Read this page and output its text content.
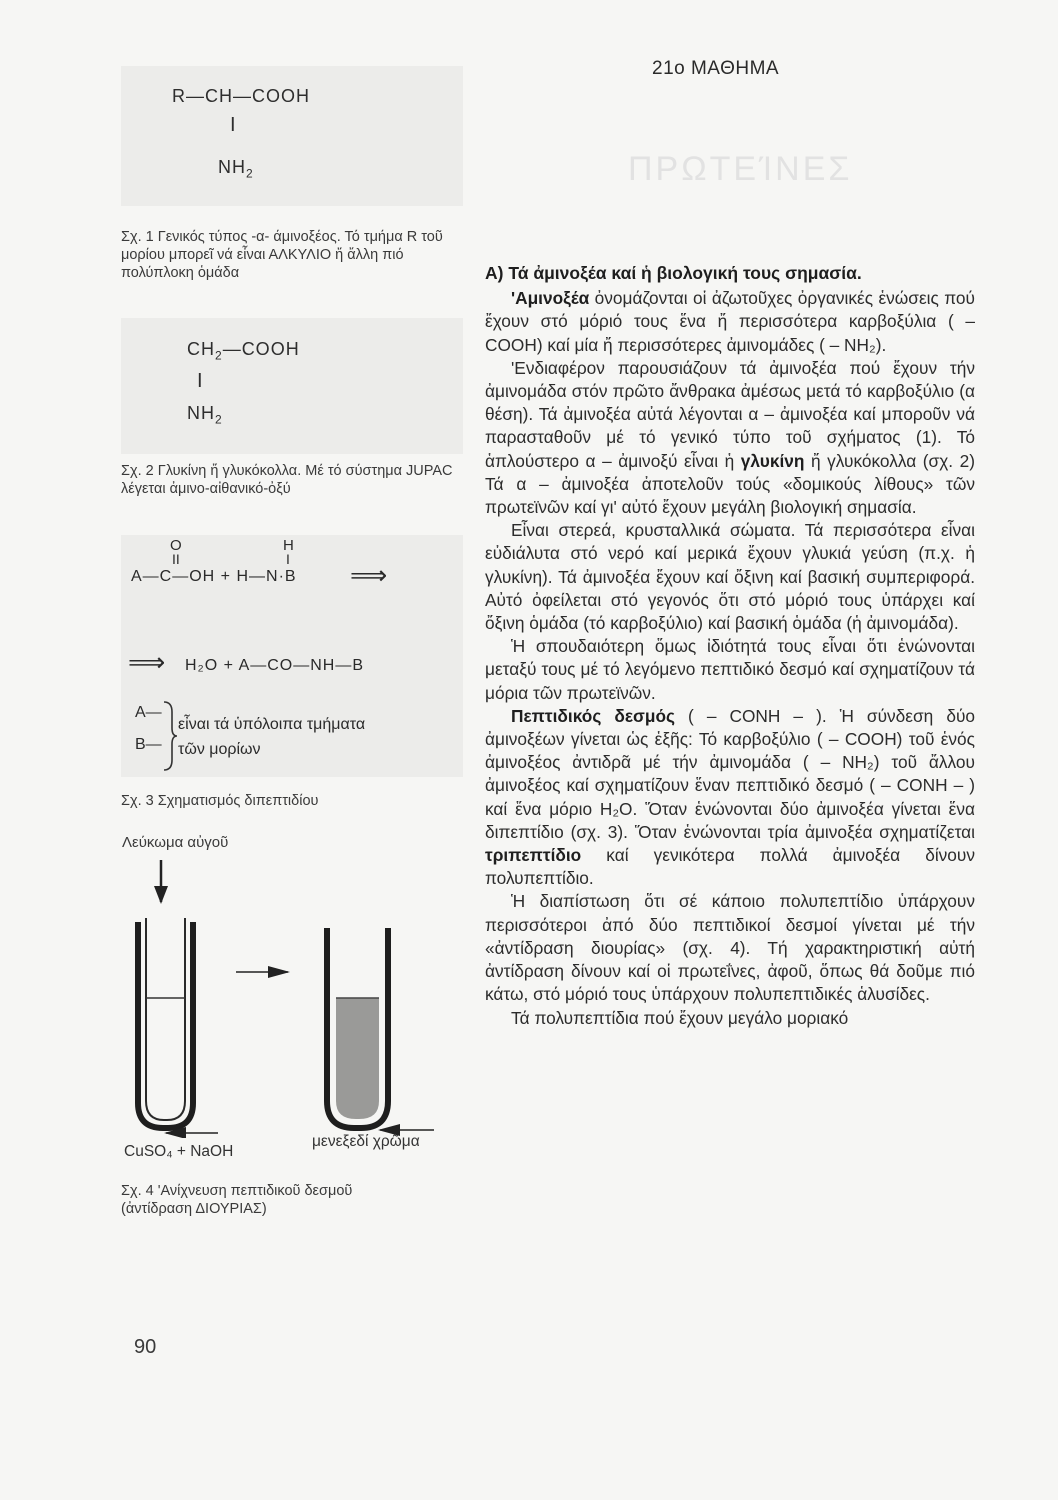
ΠΡΩΤΕΊΝΕΣ
21ο ΜΑΘΗΜΑ
R—CH—COOH
I
$NH_2$
Σχ. 1 Γενικός τύπος -α- άμινοξέος. Τό τμήμα R τοῦ μορίου μπορεῖ νά εἶναι ΑΛΚΥΛΙΟ ἤ ἄλλη πιό πολύπλοκη ὁμάδα
$CH_2—COOH$
I
$NH_2$
Σχ. 2 Γλυκίνη ἤ γλυκόκολλα. Μέ τό σύστημα JUPAC λέγεται ἀμινο-αἰθανικό-ὀξύ
O
II
H
I
A—C—OH + H—N·B ⟹
⟹ H₂O + A—CO—NH—B
A—
B—
εἶναι τά ὑπόλοιπα τμήματα
τῶν μορίων
Σχ. 3 Σχηματισμός διπεπτιδίου
Λεύκωμα αὐγοῦ
CuSO₄ + NaOH
μενεξεδί χρῶμα
Σχ. 4 'Ανίχνευση πεπτιδικοῦ δεσμοῦ
(ἀντίδραση ΔΙΟΥΡΙΑΣ)
90

Α) Τά ἀμινοξέα καί ἡ βιολογική τους σημασία.

'Αμινοξέα ὀνομάζονται οἱ ἀζωτοῦχες ὀργανικές ἑνώσεις πού ἔχουν στό μόριό τους ἕνα ἤ περισσότερα καρβοξύλια ( – COOH) καί μία ἤ περισσότερες ἀμινομάδες ( – NH₂).

'Ενδιαφέρον παρουσιάζουν τά ἀμινοξέα πού ἔχουν τήν ἀμινομάδα στόν πρῶτο ἄνθρακα ἀμέσως μετά τό καρβοξύλιο (α θέση). Τά ἀμινοξέα αὐτά λέγονται α – ἀμινοξέα καί μποροῦν νά παρασταθοῦν μέ τό γενικό τύπο τοῦ σχήματος (1). Τό ἁπλούστερο α – ἀμινοξύ εἶναι ἡ γλυκίνη ἤ γλυκόκολλα (σχ. 2) Τά α – ἀμινοξέα ἀποτελοῦν τούς «δομικούς λίθους» τῶν πρωτεϊνῶν καί γι' αὐτό ἔχουν μεγάλη βιολογική σημασία.

Εἶναι στερεά, κρυσταλλικά σώματα. Τά περισσότερα εἶναι εὐδιάλυτα στό νερό καί μερικά ἔχουν γλυκιά γεύση (π.χ. ἡ γλυκίνη). Τά ἀμινοξέα ἔχουν καί ὄξινη καί βασική συμπεριφορά. Αὐτό ὀφείλεται στό γεγονός ὅτι στό μόριό τους ὑπάρχει καί ὄξινη ὁμάδα (τό καρβοξύλιο) καί βασική ὁμάδα (ἡ ἀμινομάδα).

Ἡ σπουδαιότερη ὅμως ἰδιότητά τους εἶναι ὅτι ἑνώνονται μεταξύ τους μέ τό λεγόμενο πεπτιδικό δεσμό καί σχηματίζουν τά μόρια τῶν πρωτεϊνῶν.

Πεπτιδικός δεσμός ( – CONH – ). Ἡ σύνδεση δύο ἀμινοξέων γίνεται ὡς ἑξῆς: Τό καρβοξύλιο ( – COOH) τοῦ ἑνός ἀμινοξέος ἀντιδρᾶ μέ τήν ἀμινομάδα ( – NH₂) τοῦ ἄλλου ἀμινοξέος καί σχηματίζουν ἕναν πεπτιδικό δεσμό ( – CONH – ) καί ἕνα μόριο H₂O. Ὅταν ἑνώνονται δύο ἀμινοξέα γίνεται ἕνα διπεπτίδιο (σχ. 3). Ὅταν ἑνώνονται τρία ἀμινοξέα σχηματίζεται τριπεπτίδιο καί γενικότερα πολλά ἀμινοξέα δίνουν πολυπεπτίδιο.

Ἡ διαπίστωση ὅτι σέ κάποιο πολυπεπτίδιο ὑπάρχουν περισσότεροι ἀπό δύο πεπτιδικοί δεσμοί γίνεται μέ τήν «ἀντίδραση διουρίας» (σχ. 4). Τή χαρακτηριστική αὐτή ἀντίδραση δίνουν καί οἱ πρωτεΐνες, ἀφοῦ, ὅπως θά δοῦμε πιό κάτω, στό μόριό τους ὑπάρχουν πολυπεπτιδικές ἁλυσίδες.

Τά πολυπεπτίδια πού ἔχουν μεγάλο μοριακό
